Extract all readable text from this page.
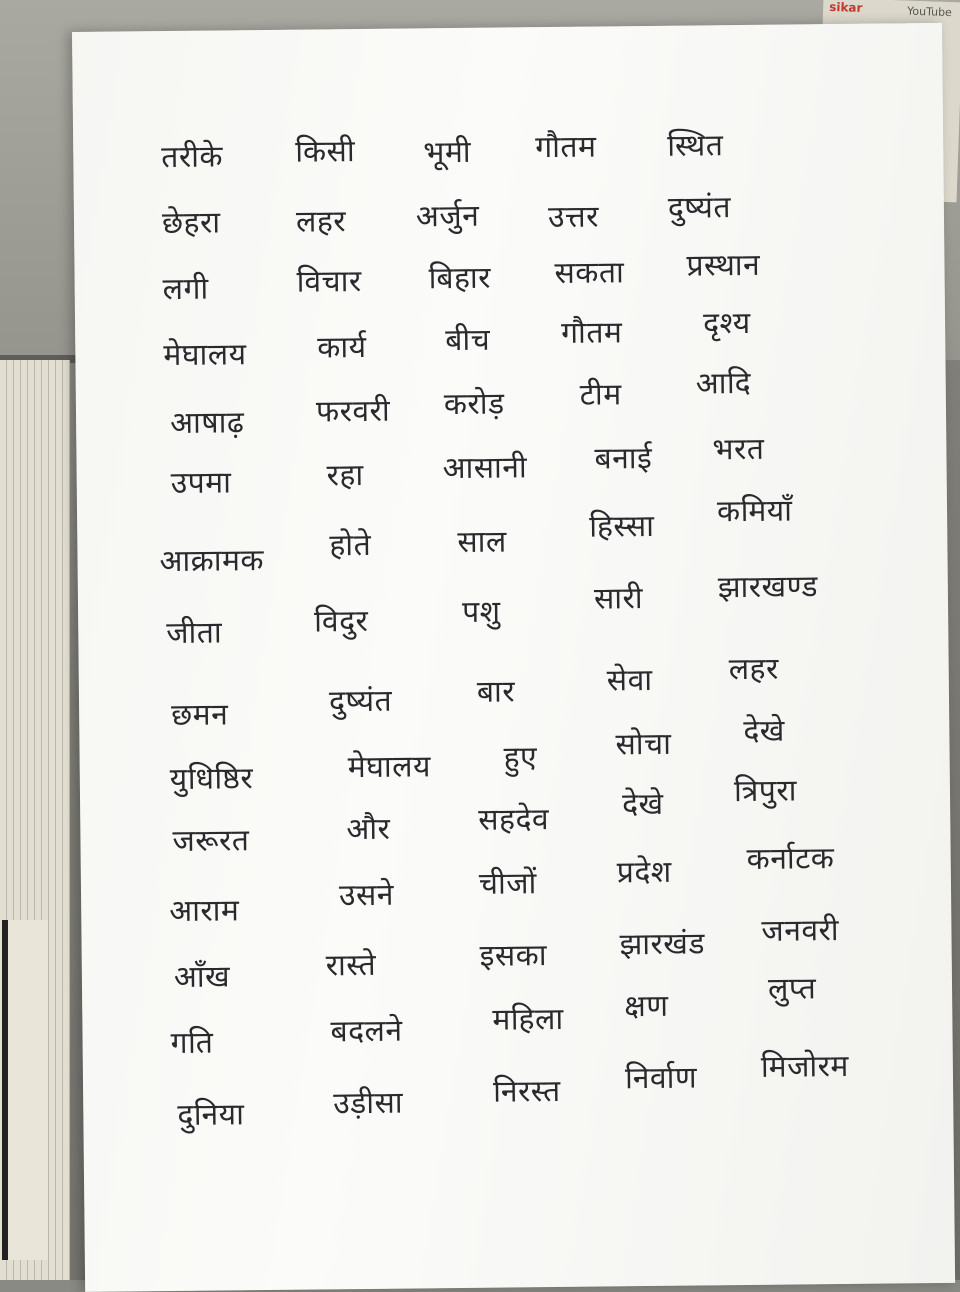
sikar	YouTube
तरीके किसी भूमी गौतम स्थित
छेहरा	लहर अर्जुन उत्तर दुष्यंत
लगी	विचार बिहार सकता प्रस्थान
मेघालय कार्य	बीच गौतम	दृश्य
आषाढ़ फरवरी करोड़ टीम आदि
उपमा	रहा	आसानी बनाई भरत
आक्रामक होते	साल	हिस्सा कमियाँ
जीता	विदुर	पशु	सारी झारखण्ड
छमन	दुष्यंत	बार	सेवा	लहर
युधिष्ठिर	मेघालय हुए	सोचा देखे
जरूरत	और	सहदेव देखे त्रिपुरा
आराम	उसने	चीजों	प्रदेश कर्नाटक
आँख	रास्ते	इसका झारखंड जनवरी
गति	बदलने	महिला क्षण	लुप्त
दुनिया	उड़ीसा	निरस्त निर्वाण मिजोरम
